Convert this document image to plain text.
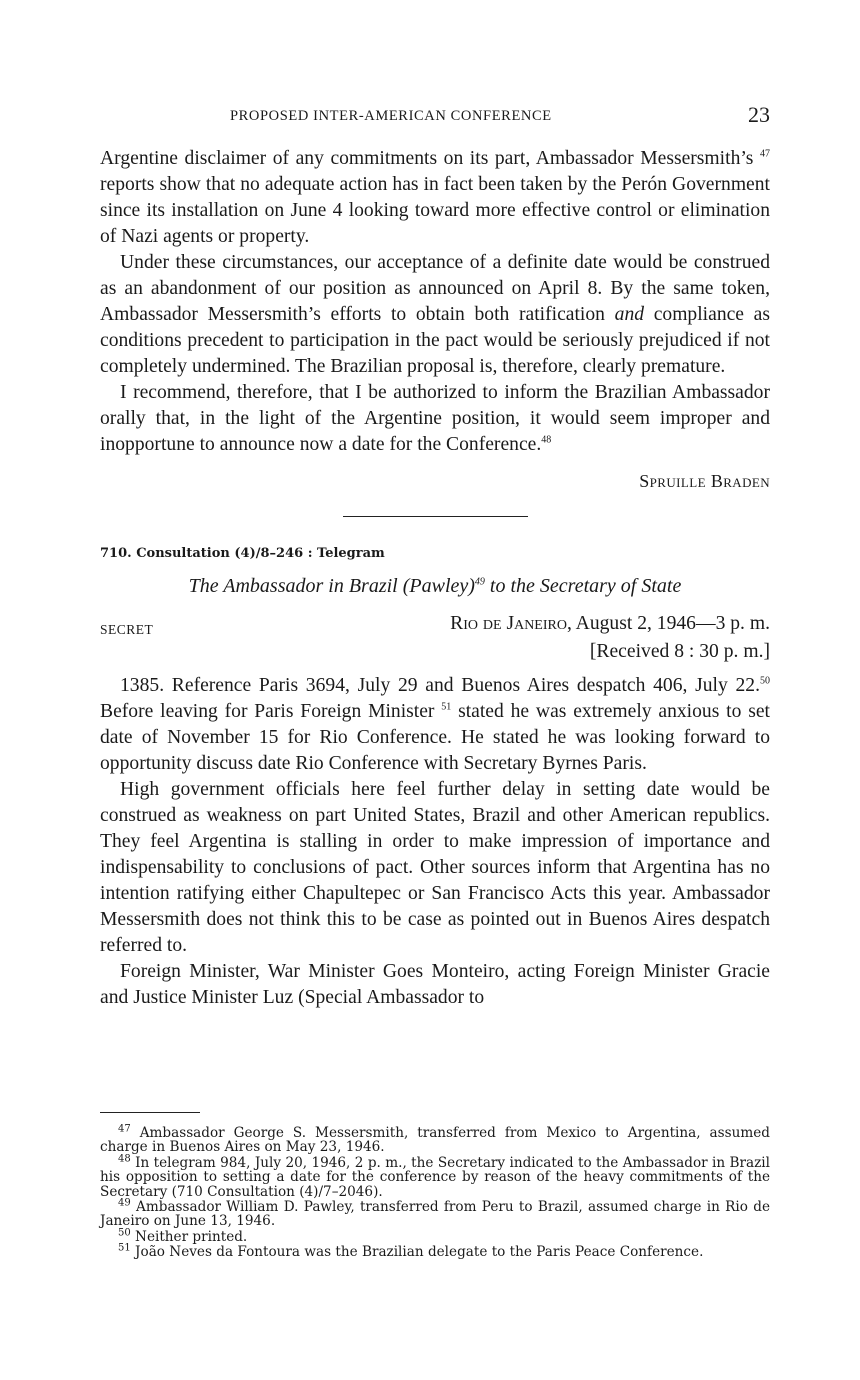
PROPOSED INTER-AMERICAN CONFERENCE	23

Argentine disclaimer of any commitments on its part, Ambassador Messersmith’s $^{47}$ reports show that no adequate action has in fact been taken by the Perón Government since its installation on June 4 looking toward more effective control or elimination of Nazi agents or property.

Under these circumstances, our acceptance of a definite date would be construed as an abandonment of our position as announced on April 8. By the same token, Ambassador Messersmith’s efforts to obtain both ratification and compliance as conditions precedent to participation in the pact would be seriously prejudiced if not completely undermined. The Brazilian proposal is, therefore, clearly premature.

I recommend, therefore, that I be authorized to inform the Brazilian Ambassador orally that, in the light of the Argentine position, it would seem improper and inopportune to announce now a date for the Conference.$^{48}$

Spruille Braden
710. Consultation (4)/8–246 : Telegram
The Ambassador in Brazil (Pawley)$^{49}$ to the Secretary of State
SECRET	Rio de Janeiro, August 2, 1946—3 p. m.
[Received 8 : 30 p. m.]

1385. Reference Paris 3694, July 29 and Buenos Aires despatch 406, July 22.50 Before leaving for Paris Foreign Minister $^{51}$ stated he was extremely anxious to set date of November 15 for Rio Conference. He stated he was looking forward to opportunity discuss date Rio Conference with Secretary Byrnes Paris.

High government officials here feel further delay in setting date would be construed as weakness on part United States, Brazil and other American republics. They feel Argentina is stalling in order to make impression of importance and indispensability to conclusions of pact. Other sources inform that Argentina has no intention ratifying either Chapultepec or San Francisco Acts this year. Ambassador Messersmith does not think this to be case as pointed out in Buenos Aires despatch referred to.

Foreign Minister, War Minister Goes Monteiro, acting Foreign Minister Gracie and Justice Minister Luz (Special Ambassador to

$^{47}$ Ambassador George S. Messersmith, transferred from Mexico to Argentina, assumed charge in Buenos Aires on May 23, 1946.

$^{48}$ In telegram 984, July 20, 1946, 2 p. m., the Secretary indicated to the Ambassador in Brazil his opposition to setting a date for the conference by reason of the heavy commitments of the Secretary (710 Consultation (4)/7–2046).

$^{49}$ Ambassador William D. Pawley, transferred from Peru to Brazil, assumed charge in Rio de Janeiro on June 13, 1946.

$^{50}$ Neither printed.

$^{51}$ João Neves da Fontoura was the Brazilian delegate to the Paris Peace Conference.
